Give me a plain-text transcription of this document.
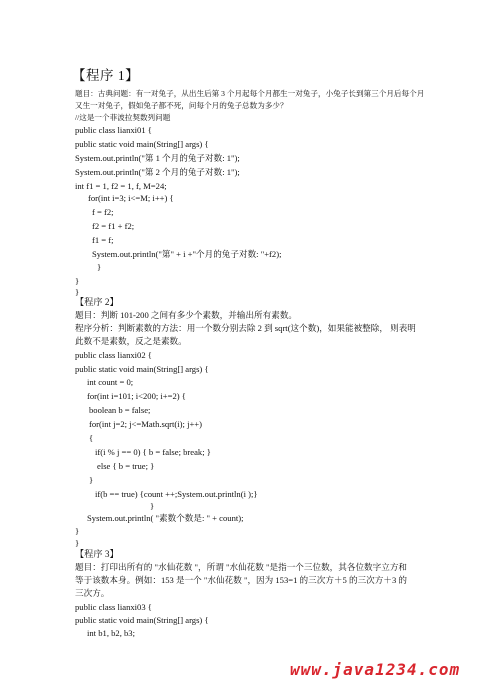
【程序 1】
题目：古典问题：有一对兔子，从出生后第 3 个月起每个月都生一对兔子，小兔子长到第三个月后每个月
又生一对兔子，假如兔子都不死，问每个月的兔子总数为多少？
//这是一个菲波拉契数列问题
public class lianxi01 {
public static void main(String[] args) {
System.out.println("第 1 个月的兔子对数: 1");
System.out.println("第 2 个月的兔子对数: 1");
int f1 = 1, f2 = 1, f, M=24;
for(int i=3; i<=M; i++) {
f = f2;
f2 = f1 + f2;
f1 = f;
System.out.println("第" + i +"个月的兔子对数: "+f2);
}
}
}
【程序 2】
题目：判断 101-200 之间有多少个素数，并输出所有素数。
程序分析：判断素数的方法：用一个数分别去除 2 到 sqrt(这个数)，如果能被整除， 则表明
此数不是素数，反之是素数。
public class lianxi02 {
public static void main(String[] args) {
int count = 0;
for(int i=101; i<200; i+=2) {
boolean b = false;
for(int j=2; j<=Math.sqrt(i); j++)
{
if(i % j == 0) { b = false; break; }
else { b = true; }
}
if(b == true) {count ++;System.out.println(i );}
}
System.out.println( "素数个数是: " + count);
}
}
【程序 3】
题目：打印出所有的 "水仙花数 "，所谓 "水仙花数 "是指一个三位数，其各位数字立方和
等于该数本身。例如：153 是一个 "水仙花数 "，因为 153=1 的三次方＋5 的三次方＋3 的
三次方。
public class lianxi03 {
public static void main(String[] args) {
int b1, b2, b3;
www.java1234.com
